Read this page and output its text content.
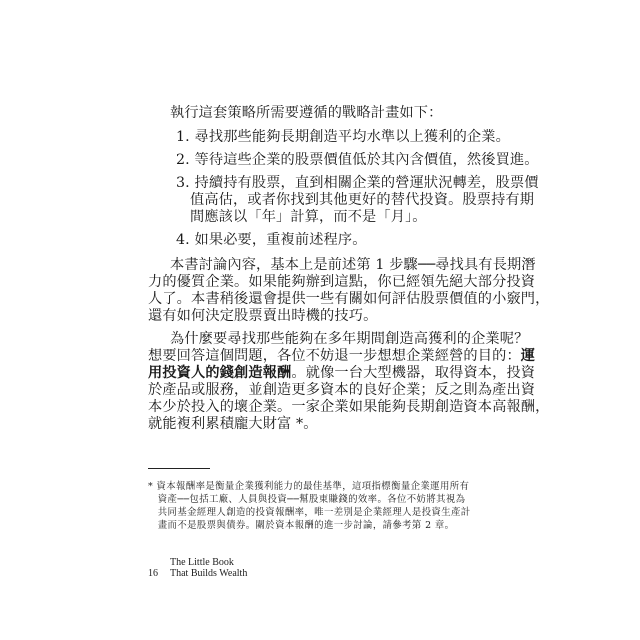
執行這套策略所需要遵循的戰略計畫如下：
1. 尋找那些能夠長期創造平均水準以上獲利的企業。
2. 等待這些企業的股票價值低於其內含價值，然後買進。
3. 持續持有股票，直到相關企業的營運狀況轉差，股票價
值高估，或者你找到其他更好的替代投資。股票持有期
間應該以「年」計算，而不是「月」。
4. 如果必要，重複前述程序。
本書討論內容，基本上是前述第 1 步驟──尋找具有長期潛
力的優質企業。如果能夠辦到這點，你已經領先絕大部分投資
人了。本書稍後還會提供一些有關如何評估股票價值的小竅門，
還有如何決定股票賣出時機的技巧。
為什麼要尋找那些能夠在多年期間創造高獲利的企業呢？
想要回答這個問題，各位不妨退一步想想企業經營的目的：運
用投資人的錢創造報酬。就像一台大型機器，取得資本，投資
於產品或服務，並創造更多資本的良好企業；反之則為產出資
本少於投入的壞企業。一家企業如果能夠長期創造資本高報酬，
就能複利累積龐大財富 *。
* 資本報酬率是衡量企業獲利能力的最佳基準，這項指標衡量企業運用所有
　資產──包括工廠、人員與投資──幫股東賺錢的效率。各位不妨將其視為
　共同基金經理人創造的投資報酬率，唯一差別是企業經理人是投資生產計
　畫而不是股票與債券。關於資本報酬的進一步討論，請參考第 2 章。
16
The Little Book
That Builds Wealth
